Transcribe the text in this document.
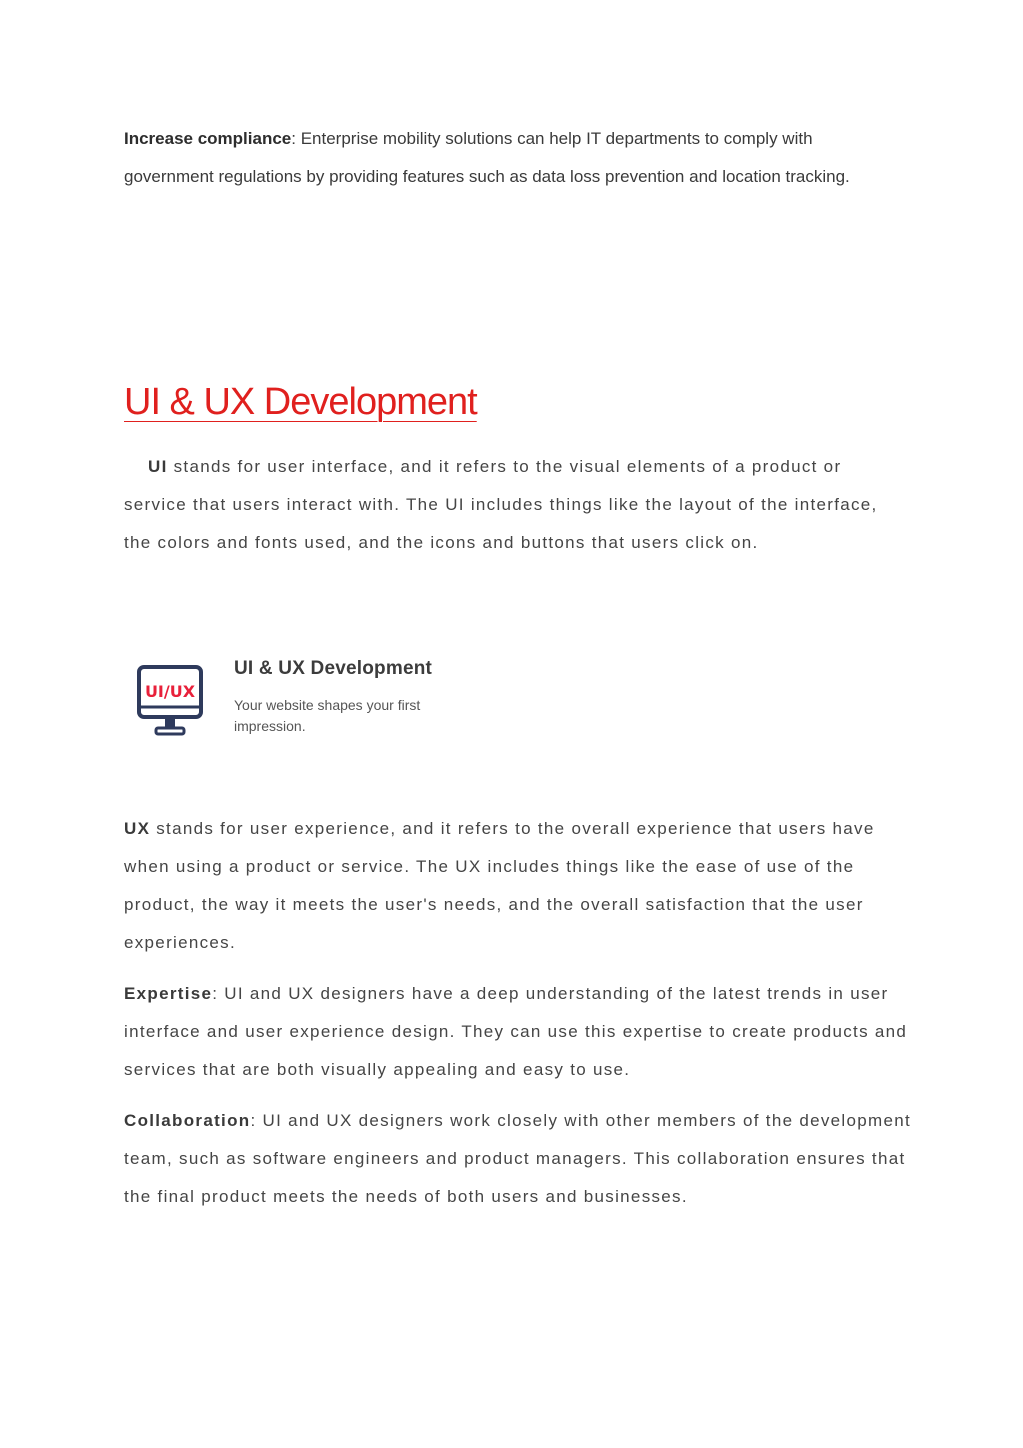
Increase compliance: Enterprise mobility solutions can help IT departments to comply with government regulations by providing features such as data loss prevention and location tracking.

UI & UX Development

UI stands for user interface, and it refers to the visual elements of a product or service that users interact with. The UI includes things like the layout of the interface, the colors and fonts used, and the icons and buttons that users click on.

UI/UX
UI & UX Development
Your website shapes your first impression.

UX stands for user experience, and it refers to the overall experience that users have when using a product or service. The UX includes things like the ease of use of the product, the way it meets the user's needs, and the overall satisfaction that the user experiences.

Expertise: UI and UX designers have a deep understanding of the latest trends in user interface and user experience design. They can use this expertise to create products and services that are both visually appealing and easy to use.

Collaboration: UI and UX designers work closely with other members of the development team, such as software engineers and product managers. This collaboration ensures that the final product meets the needs of both users and businesses.
